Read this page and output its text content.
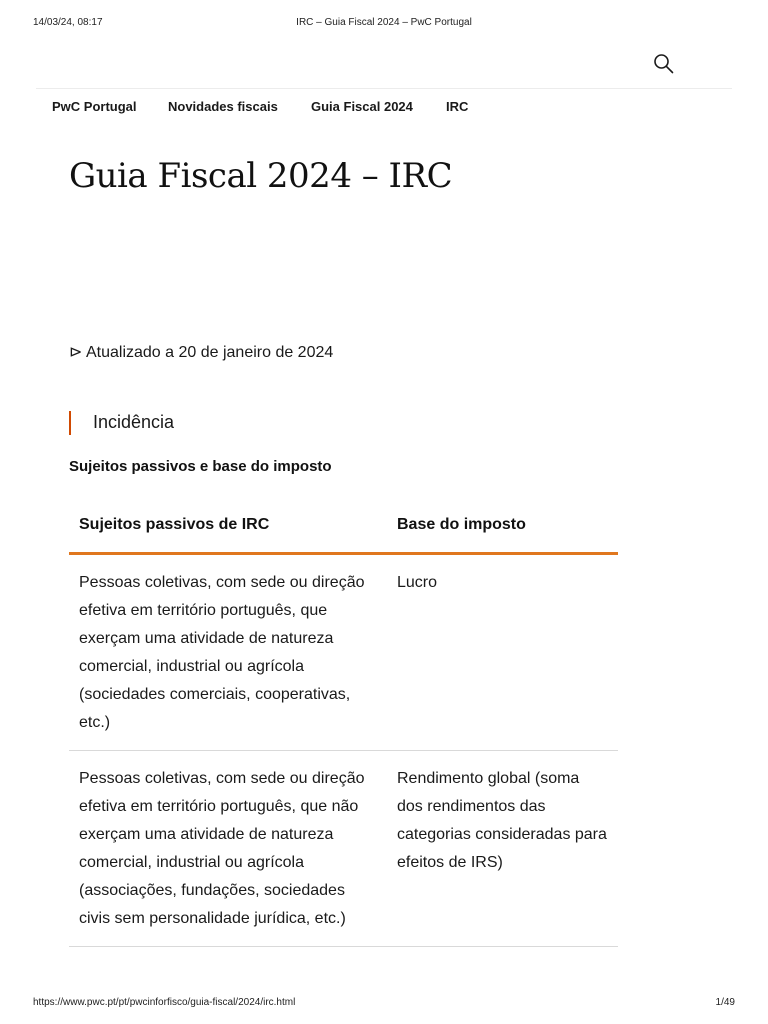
14/03/24, 08:17	IRC – Guia Fiscal 2024 – PwC Portugal
PwC Portugal Novidades fiscais	Guia Fiscal 2024	IRC
Guia Fiscal 2024 – IRC
⊳ Atualizado a 20 de janeiro de 2024
Incidência
Sujeitos passivos e base do imposto
Sujeitos passivos de IRC	Base do imposto
Pessoas coletivas, com sede ou direção efetiva em território português, que exerçam uma atividade de natureza comercial, industrial ou agrícola (sociedades comerciais, cooperativas, etc.)	Lucro
Pessoas coletivas, com sede ou direção efetiva em território português, que não exerçam uma atividade de natureza comercial, industrial ou agrícola (associações, fundações, sociedades civis sem personalidade jurídica, etc.)	Rendimento global (soma dos rendimentos das categorias consideradas para efeitos de IRS)
https://www.pwc.pt/pt/pwcinforfisco/guia-fiscal/2024/irc.html	1/49
